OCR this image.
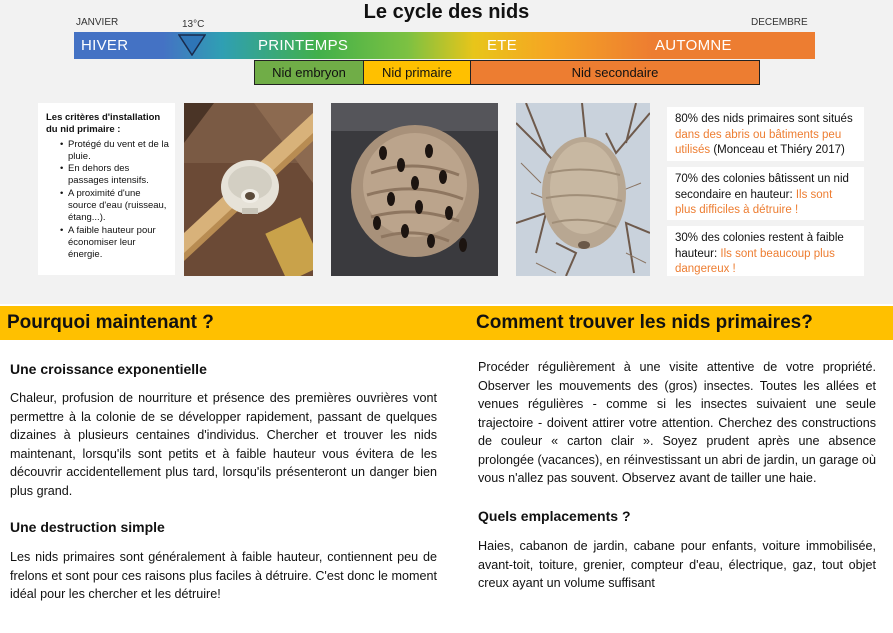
Le cycle des nids
JANVIER	13°C	DECEMBRE
HIVER	PRINTEMPS	ETE	AUTOMNE
Nid embryon	Nid primaire	Nid secondaire
Les critères d'installation du nid primaire :
• Protégé du vent et de la pluie.
• En dehors des passages intensifs.
• A proximité d'une source d'eau (ruisseau, étang...).
• A faible hauteur pour économiser leur énergie.
80% des nids primaires sont situés dans des abris ou bâtiments peu utilisés (Monceau et Thiéry 2017)
70% des colonies bâtissent un nid secondaire en hauteur: Ils sont plus difficiles à détruire !
30% des colonies restent à faible hauteur: Ils sont beaucoup plus dangereux !
Pourquoi maintenant ?	Comment trouver les nids primaires?
Une croissance exponentielle
Chaleur, profusion de nourriture et présence des premières ouvrières vont permettre à la colonie de se développer rapidement, passant de quelques dizaines à plusieurs centaines d'individus. Chercher et trouver les nids maintenant, lorsqu'ils sont petits et à faible hauteur vous évitera de les découvrir accidentellement plus tard, lorsqu'ils présenteront un danger bien plus grand.
Une destruction simple
Les nids primaires sont généralement à faible hauteur, contiennent peu de frelons et sont pour ces raisons plus faciles à détruire. C'est donc le moment idéal pour les chercher et les détruire!
Procéder régulièrement à une visite attentive de votre propriété. Observer les mouvements des (gros) insectes. Toutes les allées et venues régulières - comme si les insectes suivaient une seule trajectoire - doivent attirer votre attention. Cherchez des constructions de couleur « carton clair ». Soyez prudent après une absence prolongée (vacances), en réinvestissant un abri de jardin, un garage où vous n'allez pas souvent. Observez avant de tailler une haie.
Quels emplacements ?
Haies, cabanon de jardin, cabane pour enfants, voiture immobilisée, avant-toit, toiture, grenier, compteur d'eau, électrique, gaz, tout objet creux ayant un volume suffisant
